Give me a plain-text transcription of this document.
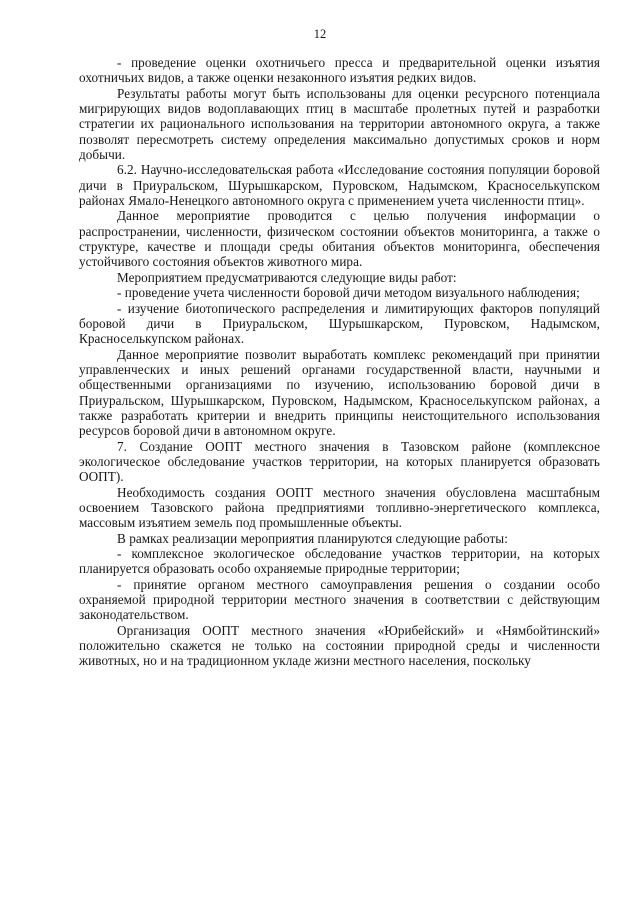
12

- проведение оценки охотничьего пресса и предварительной оценки изъятия охотничьих видов, а также оценки незаконного изъятия редких видов.

Результаты работы могут быть использованы для оценки ресурсного потенциала мигрирующих видов водоплавающих птиц в масштабе пролетных путей и разработки стратегии их рационального использования на территории автономного округа, а также позволят пересмотреть систему определения максимально допустимых сроков и норм добычи.

6.2. Научно-исследовательская работа «Исследование состояния популяции боровой дичи в Приуральском, Шурышкарском, Пуровском, Надымском, Красноселькупском районах Ямало-Ненецкого автономного округа с применением учета численности птиц».

Данное мероприятие проводится с целью получения информации о распространении, численности, физическом состоянии объектов мониторинга, а также о структуре, качестве и площади среды обитания объектов мониторинга, обеспечения устойчивого состояния объектов животного мира.

Мероприятием предусматриваются следующие виды работ:

- проведение учета численности боровой дичи методом визуального наблюдения;

- изучение биотопического распределения и лимитирующих факторов популяций боровой дичи в Приуральском, Шурышкарском, Пуровском, Надымском, Красноселькупском районах.

Данное мероприятие позволит выработать комплекс рекомендаций при принятии управленческих и иных решений органами государственной власти, научными и общественными организациями по изучению, использованию боровой дичи в Приуральском, Шурышкарском, Пуровском, Надымском, Красноселькупском районах, а также разработать критерии и внедрить принципы неистощительного использования ресурсов боровой дичи в автономном округе.

7. Создание ООПТ местного значения в Тазовском районе (комплексное экологическое обследование участков территории, на которых планируется образовать ООПТ).

Необходимость создания ООПТ местного значения обусловлена масштабным освоением Тазовского района предприятиями топливно-энергетического комплекса, массовым изъятием земель под промышленные объекты.

В рамках реализации мероприятия планируются следующие работы:

- комплексное экологическое обследование участков территории, на которых планируется образовать особо охраняемые природные территории;

- принятие органом местного самоуправления решения о создании особо охраняемой природной территории местного значения в соответствии с действующим законодательством.

Организация ООПТ местного значения «Юрибейский» и «Нямбойтинский» положительно скажется не только на состоянии природной среды и численности животных, но и на традиционном укладе жизни местного населения, поскольку
